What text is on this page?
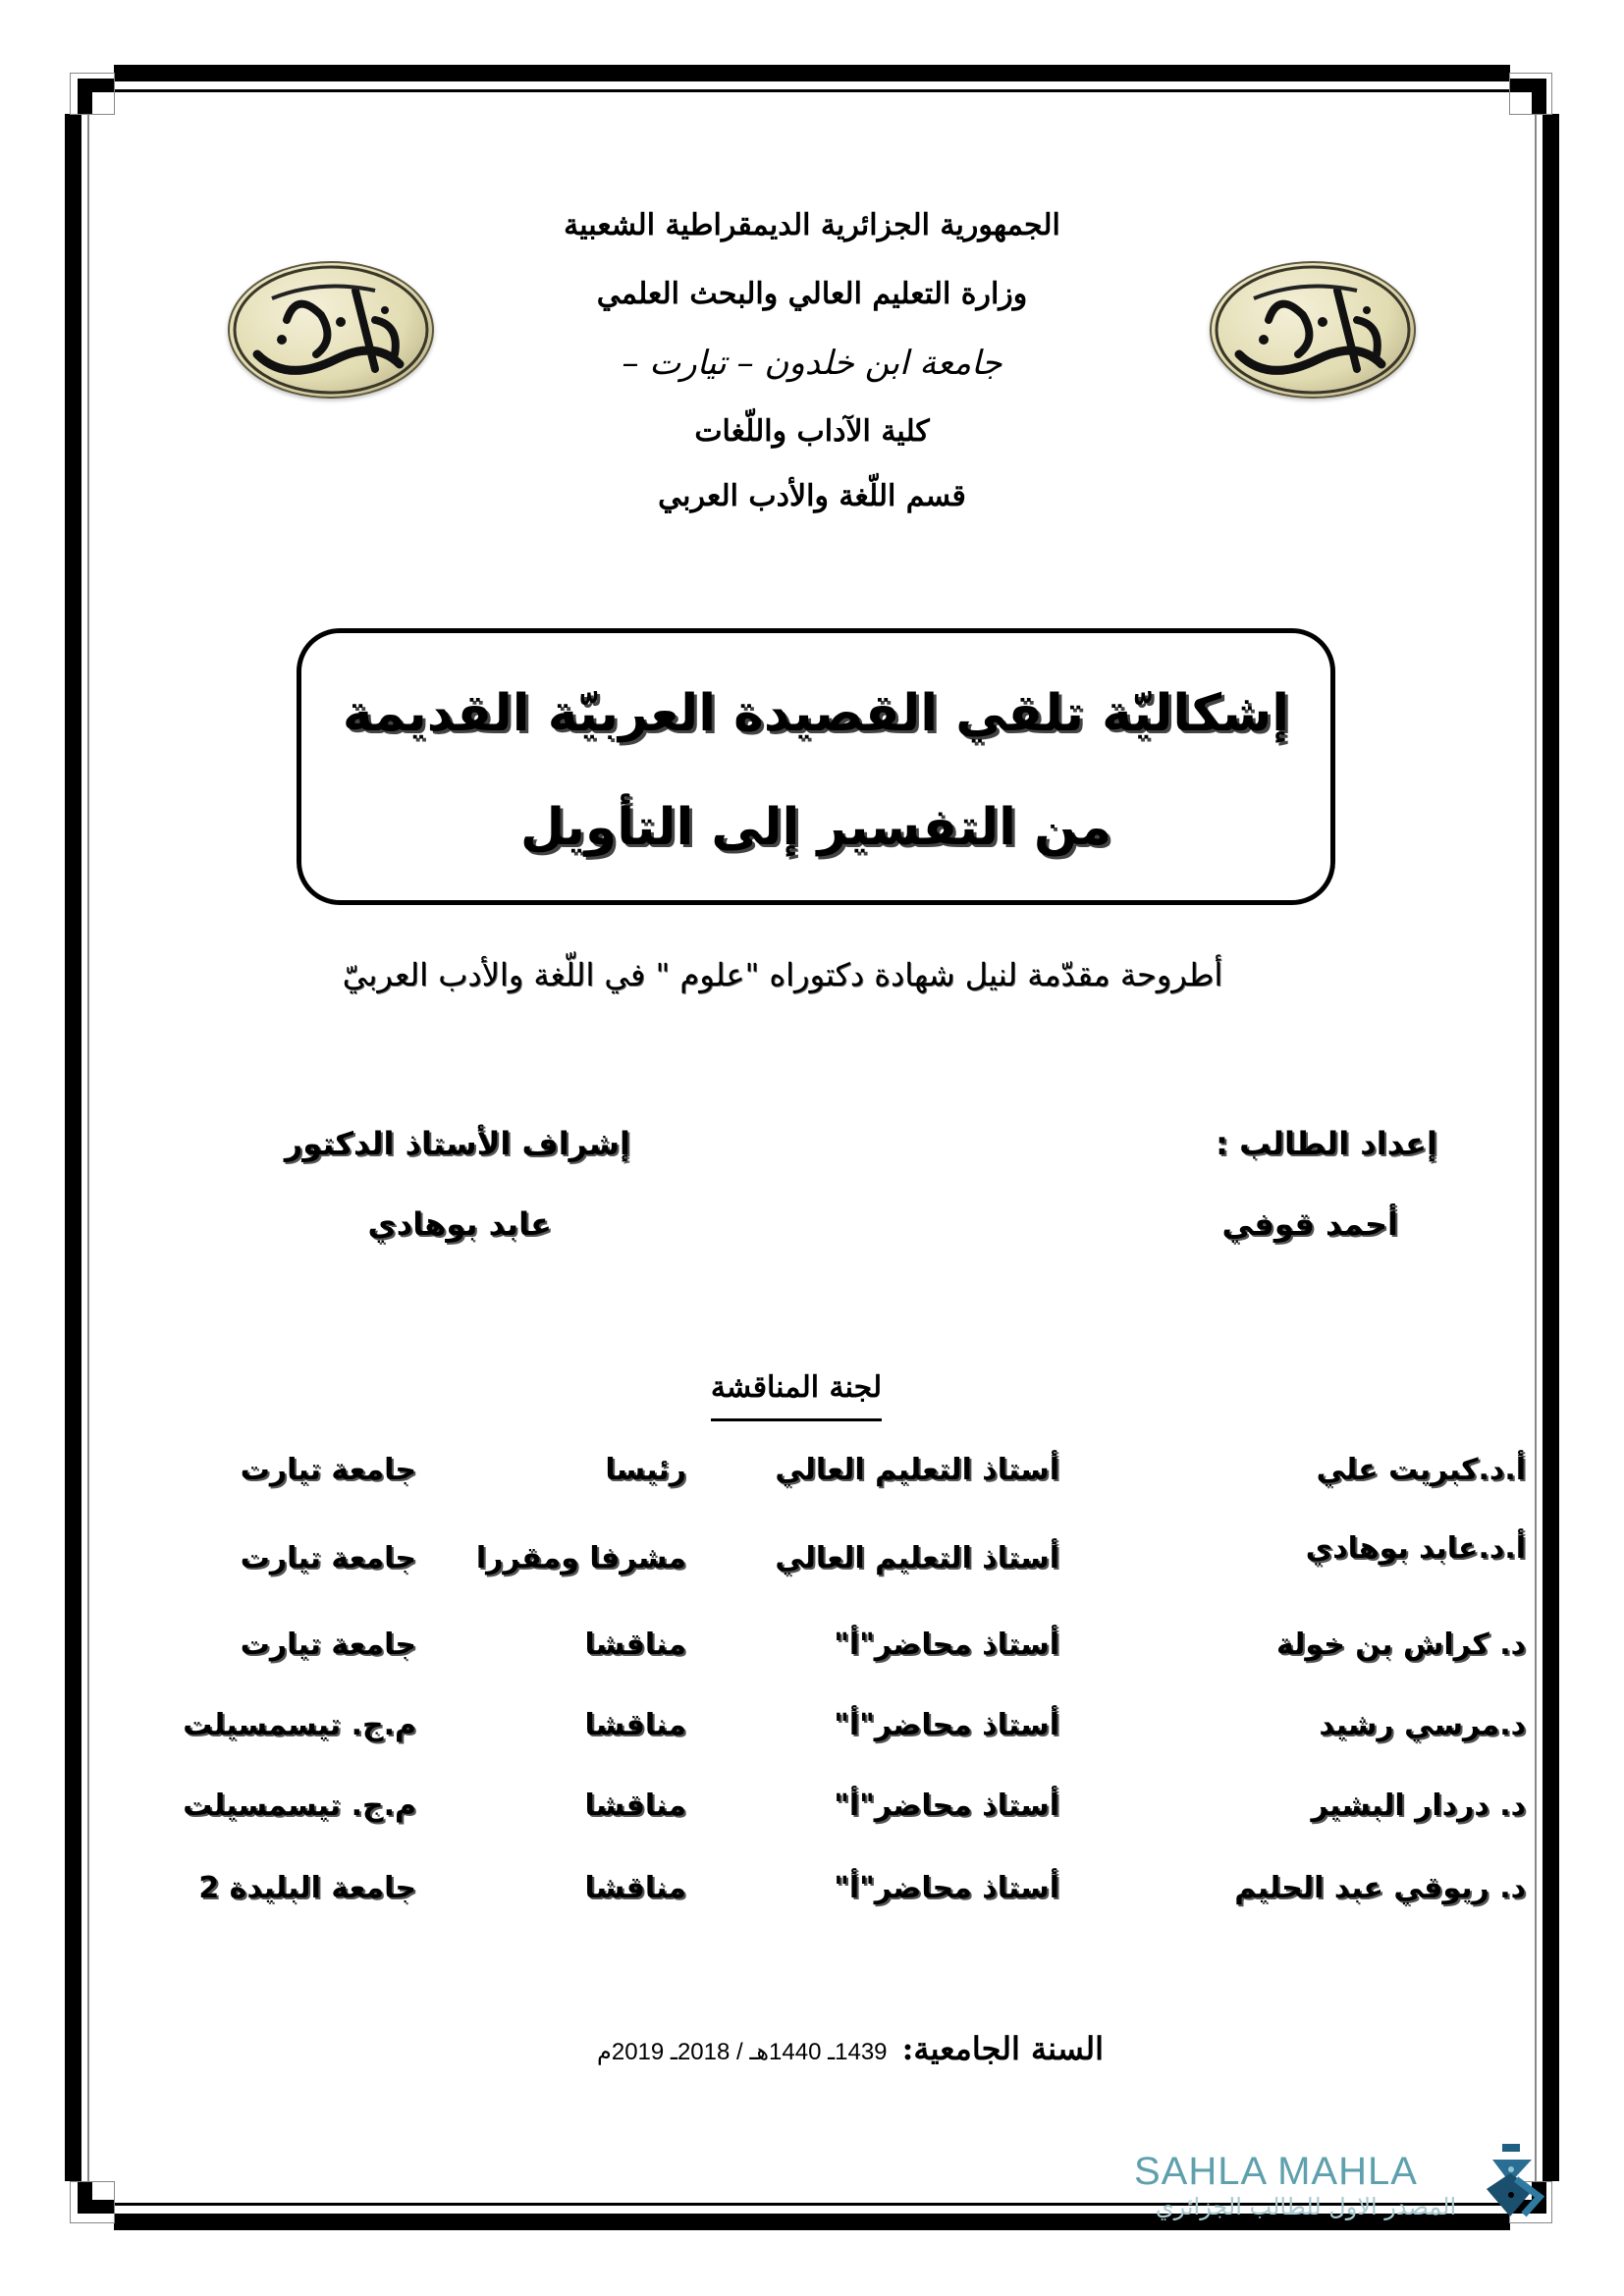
الجمهورية الجزائرية الديمقراطية الشعبية
وزارة التعليم العالي والبحث العلمي
جامعة ابن خلدون – تيارت –
كلية الآداب واللّغات
قسم اللّغة والأدب العربي
إشكاليّة تلقي القصيدة العربيّة القديمة
من التفسير إلى التأويل
أطروحة مقدّمة لنيل شهادة دكتوراه "علوم " في اللّغة والأدب العربيّ
إعداد الطالب :
أحمد قوفي
إشراف الأستاذ الدكتور
عابد بوهادي
لجنة المناقشة
أ.د.كبريت علي
أستاذ التعليم العالي
رئيسا
جامعة تيارت
أ.د.عابد بوهادي
أستاذ التعليم العالي
مشرفا ومقررا
جامعة تيارت
د. كراش بن خولة
أستاذ محاضر"أ"
مناقشا
جامعة تيارت
د.مرسي رشيد
أستاذ محاضر"أ"
مناقشا
م.ج. تيسمسيلت
د. دردار البشير
أستاذ محاضر"أ"
مناقشا
م.ج. تيسمسيلت
د. ريوقي عبد الحليم
أستاذ محاضر"أ"
مناقشا
جامعة البليدة 2
السنة الجامعية: 1439ـ 1440هـ / 2018ـ 2019م
SAHLA MAHLA
المصدر الاول للطالب الجزائري
